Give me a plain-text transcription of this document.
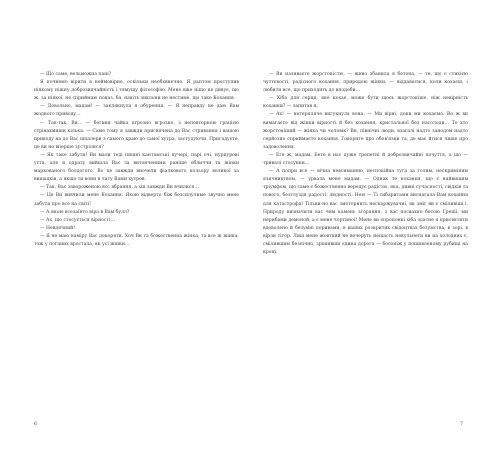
— Що саме, вельможна пані?

Я почнемо вірити в неймовірне, оскільки необхвнечне. Я раптом проступив ніякому ніжну доброзвичайність і тямущу філософію. Мене вже ніщо не дивує, що ж, за ніякої, не сприймаю показ, ба, навіть зиклони не нестиме, що таке Кохання.

— Довольно, мадам! — заклякнула я обурення. — Я неправду не даю Вам жодного приводу…

— Так-так, Ви… — богиня чайка вгрозно вгрозно, з неповторною грацією стрінахмиши кілька. — Саме тому я завжди присвячена до Вас стривання і вашою приводу на до Вас шпалери з самого краю до самої хутра, застудуючи. Пригадуєте, це ви не вперше зустрілися?

— Як таке забути! Ви мали теді пишні кантамські кучері, парі очі, нурпурові уста, але я одразу вийшла Вас за витонченими раніше обличчи та жінки маркованого болдогого. Во це завжди вночели фіалкового кольору великої за вищадків, а якщо ти вони в часу Вами хутров.

— Так, Вас завороженою всс вбрання, а хіп завжди Ви вчилися…

— Це Ви вивчили мене Кохання. Якою відверто біж безсилулиме звучно мене забути про все на світі!

— А якою всезаїнто віра в Вам булл?

— Ах, що стосується вірності…

— Невдячний!

— Я не маю наміру Вас докоряти. Хоч Ви та божественна жінка, та все ж жінка, тож у поганих вростала, як усі жінки…

— Ви називаєте жорстокістю, — живо збанила я бетона, — те, що є стихією чуттєвості, радісного кохання, природою жінки, — віддаватися, коли кохаєш, і любити все, що приходить до вподоби…

— Хіба для серця, яке кохає, може бути щось жорстокіше, ніж невірність коханки? — запитав я.

— Ах! — нетерпляче вигукнула вона. — Ми вірні, доки ми кохаємо. Во ж ви вимагаєте від жінки вірності й без кохання, кристальної без насолоди… То хто жорстокіший — жінка чи чоловік? Ви, північні люди, взагалі надто занодом надто серйозно сприймаєте кохання. Говорите про обов'язки та, де має йтися лише про задоволення.

— Еге ж, мадам. Бете в нас дуже трепетні й доброзвичайні почуття, а що — тривалі стосунки…

— А попри все — вічна невсиманню, неспокійна туга за голим, нескриміним язичництвом, — урвала мене мадам. — Однак те кохання, що є найвищим тріумфом, що саме є божественно вередує радістю, яка, дивні сучасності, свідків та нового, безглуздя радості, людності. Нею — Ті сибаритами виснагала Вам кохання для катастрофа! Тільки-но вас змоторнить нескаржувачні, як зміг ви є сміливіші і. Природу визначити вас чим камень згорання, з вас посвахно бетою Ґреції, ми нерибами демоной, а є мене чортиної! Мене ви єпропонкі хіба здатне я присвятити вдоволено й безумні поривами, в ваших розкритих свідоцтвах безумства, в зорі, в вірли тітор. Лиш мене жовткий не вечеруть нещасть некульнеги ви на холодних є, смілившим безпічно, зрішивши єдина дорога — босоніж у пошивленому рубищі на кроці.

6	7
